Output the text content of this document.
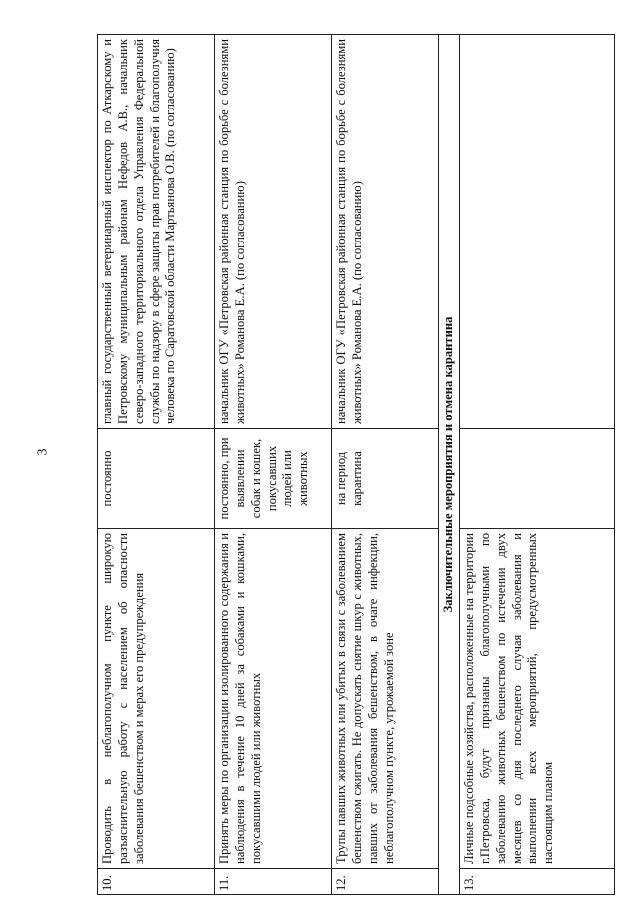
3
10.	Проводить в неблагополучном пункте широкую разъяснительную работу с населением об опасности заболевания бешенством и мерах его предупреждения	постоянно	главный государственный ветеринарный инспектор по Аткарскому и Петровскому муниципальным районам Нефедов А.В., начальник северо-западного территориального отдела Управления Федеральной службы по надзору в сфере защиты прав потребителей и благополучия человека по Саратовской области Мартьянова О.В. (по согласованию)
11.	Принять меры по организации изолированного содержания и наблюдения в течение 10 дней за собаками и кошками, покусавшими людей или животных	постоянно, при выявлении собак и кошек, покусавших людей или животных	начальник ОГУ «Петровская районная станция по борьбе с болезнями животных» Романова Е.А. (по согласованию)
12.	Трупы павших животных или убитых в связи с заболеванием бешенством сжигать. Не допускать снятие шкур с животных, павших от заболевания бешенством, в очаге инфекции, неблагополучном пункте, угрожаемой зоне	на период карантина	начальник ОГУ «Петровская районная станция по борьбе с болезнями животных» Романова Е.А. (по согласованию)
Заключительные мероприятия и отмена карантина			
13.	Личные подсобные хозяйства, расположенные на территории г.Петровска, будут признаны благополучными по заболеванию животных бешенством по истечении двух месяцев со дня последнего случая заболевания и выполнении всех мероприятий, предусмотренных настоящим планом		
